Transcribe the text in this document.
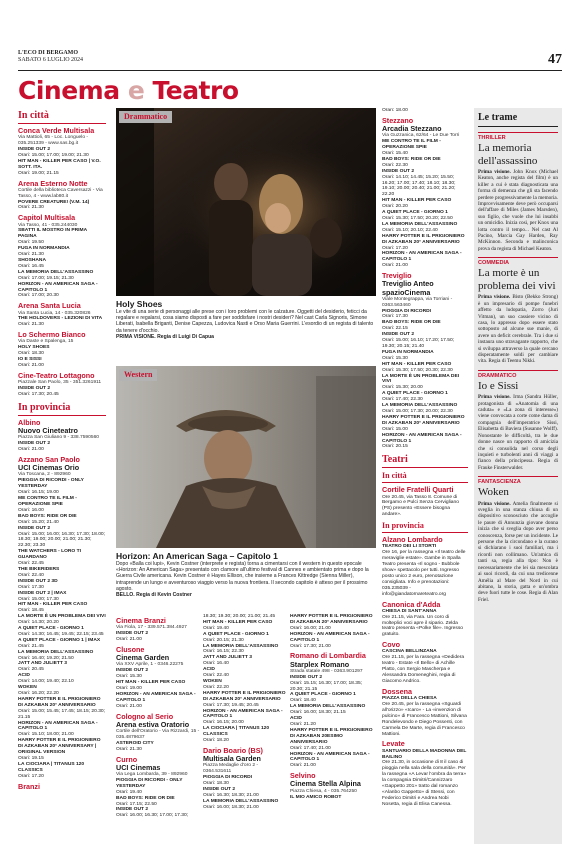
L'ECO DI BERGAMO
SABATO 6 LUGLIO 2024	47
Cinema e Teatro
In città
Conca Verde Multisala
Via Mattioli, 65 - Loc. Longuelo - 035.251339 - www.sas.bg.it
INSIDE OUT 2
Orari: 15.00; 17.00; 19.00; 21.30
HIT MAN - KILLER PER CASO | V.O. SOTT. ITA.
Orari: 19.00; 21.15
Arena Esterno Notte
Cortile della biblioteca Caversazzi - Via Tasso, 4 - www.lab80.it
POVERE CREATURE! (V.M. 14)
Orari: 21.30
Capitol Multisala
Via Tasso, 41 - 035.244030
SBATTI IL MOSTRO IN PRIMA PAGINA
Orari: 19.50
FUGA IN NORMANDIA
Orari: 21.30
SHOSHANA
Orari: 16.45
LA MEMORIA DELL'ASSASSINO
Orari: 17.00; 19.15; 21.30
HORIZON - AN AMERICAN SAGA - CAPITOLO 1
Orari: 17.00; 20.30
Arena Santa Lucia
Via Santa Lucia, 14 - 035.320826
THE HOLDOVERS - LEZIONI DI VITA
Orari: 21.30
Lo Schermo Bianco
Via Daste e Spalenga, 15
HOLY SHOES
Orari: 18.30
IO E SISSI
Orari: 21.00
Cine-Teatro Lottagono
Piazzale San Paolo, 35 - 351.3261911
INSIDE OUT 2
Orari: 17.30; 20.45
In provincia
Albino
Nuovo Cineteatro
Piazza San Giuliano 9 - 338.7590560
INSIDE OUT 2
Orari: 21.00
Azzano San Paolo
UCI Cinemas Orio
Via Toscana, 2 - 892960
PIEGGIA DI RICORDI - ONLY YESTERDAY
Orari: 16.15; 19.00
ME CONTRO TE IL FILM - OPERAZIONE SPIE
Orari: 16.00
BAD BOYS: RIDE OR DIE
Orari: 15.20; 21.40
INSIDE OUT 2
Orari: 15.00; 16.00; 16.30; 17.30; 18.00; 18.30; 19.00; 20.00; 21.00; 21.30; 22.30; 23.30
THE WATCHERS - LORO TI GUARDANO
Orari: 22.45
THE BIKERIDERS
Orari: 22.40
INSIDE OUT 2 3D
Orari: 17.30
INSIDE OUT 2 | IMAX
Orari: 15.00; 17.30
HIT MAN - KILLER PER CASO
Orari: 18.45
LA MORTE È UN PROBLEMA DEI VIVI
Orari: 14.30; 20.20
A QUIET PLACE - GIORNO 1
Orari: 14.30; 16.45; 19.45; 22.15; 23.45
A QUIET PLACE - GIORNO 1 | IMAX
Orari: 21.45
LA MEMORIA DELL'ASSASSINO
Orari: 16.40; 19.20; 21.50
JATT AND JULIETT 3
Orari: 20.45
ACID
Orari: 14.00; 19.40; 22.10
WOKEN
Orari: 16.20; 22.20
HARRY POTTER E IL PRIGIONIERO DI AZKABAN 20° ANNIVERSARIO
Orari: 15.00; 15.45; 17.45; 18.15; 20.30; 21.15
HORIZON - AN AMERICAN SAGA - CAPITOLO 1
Orari: 15.10; 18.00; 21.00
HARRY POTTER E IL PRIGIONIERO DI AZKABAN 20° ANNIVERSARY | ORIGINAL VERSION
Orari: 19.15
LA CIOCIARA | TITANUS 120 CLASSICS
Orari: 17.20
Branzi
Drammatico
Holy Shoes
Le vite di una serie di personaggi alle prese con i loro problemi con le calzature. Oggetti del desiderio, feticci da regalare e regalarsi, cosa siamo disposti a fare per soddisfare i nostri desideri? Nel cast Carla Signoris, Simone Liberati, Isabella Briganti, Denise Capezza, Ludovica Nasti e Orso Maria Guerrini. L'esordio di un regista di talento da tenere d'occhio.
PRIMA VISIONE. Regia di Luigi Di Capua
Western
Horizon: An American Saga – Capitolo 1
Dopo «Balla coi lupi», Kevin Costner (interprete e regista) torna a cimentarsi con il western in questo epocale «Horizon: An American Saga» presentato con clamore all'ultimo festival di Cannes e ambientato prima e dopo la Guerra Civile americana. Kevin Costner è Hayes Ellison, che insieme a Frances Kittredge (Sienna Miller), intraprende un lungo e avventuroso viaggio verso la nuova frontiera. Il secondo capitolo è atteso per il prossimo agosto.
BELLO. Regia di Kevin Costner
Cinema Branzi
Via Fiola, 17 - 339.571.384.4927
INSIDE OUT 2
Orari: 21.00
Clusone
Cinema Garden
Via XXV Aprile, 1 - 0346.22275
INSIDE OUT 2
Orari: 15.30
HIT MAN - KILLER PER CASO
Orari: 19.00
HORIZON - AN AMERICAN SAGA - CAPITOLO 1
Orari: 21.00
Cologno al Serio
Arena estiva Oratorio
Cortile dell'Oratorio - Via Rizzardi, 15 - 035.4879637
ASTEROID CITY
Orari: 21.30
Curno
UCI Cinemas
Via Lega Lombarda, 39 - 892960
PIOGGIA DI RICORDI - ONLY YESTERDAY
Orari: 19.40
BAD BOYS: RIDE OR DIE
Orari: 17.15; 22.50
INSIDE OUT 2
Orari: 16.00; 16.30; 17.00; 17.30;
18.30; 19.30; 20.00; 21.00; 21.45
HIT MAN - KILLER PER CASO
Orari: 19.40
A QUIET PLACE - GIORNO 1
Orari: 20.15; 21.30
LA MEMORIA DELL'ASSASSINO
Orari: 16.15; 22.30
JATT AND JULIETT 3
Orari: 16.40
ACID
Orari: 22.40
WOKEN
Orari: 22.20
HARRY POTTER E IL PRIGIONIERO DI AZKABAN 20° ANNIVERSARIO
Orari: 17.30; 19.45; 20.45
HORIZON - AN AMERICAN SAGA - CAPITOLO 1
Orari: 16.15; 20.00
LA CIOCIARA | TITANUS 120 CLASSICS
Orari: 18.20
Dario Boario (BS)
Multisala Garden
Piazza Medaglie d'oro 2 - 0364.531611
PIOGGIA DI RICORDI
Orari: 18.30
INSIDE OUT 2
Orari: 16.30; 18.30; 21.00
LA MEMORIA DELL'ASSASSINO
Orari: 16.00; 18.30; 21.00
HARRY POTTER E IL PRIGIONIERO DI AZKABAN 20° ANNIVERSARIO
Orari: 16.00; 21.00
HORIZON - AN AMERICAN SAGA - CAPITOLO 1
Orari: 17.30; 21.00
Romano di Lombardia
Starplex Romano
Strada statale 498 - 0363.901297
INSIDE OUT 2
Orari: 15.15; 16.30; 17.00; 18.35; 20.30; 21.15
A QUIET PLACE - GIORNO 1
Orari: 18.40
LA MEMORIA DELL'ASSASSINO
Orari: 16.00; 18.30; 21.15
ACID
Orari: 21.20
HARRY POTTER E IL PRIGIONIERO DI AZKABAN 20ESIMO ANNIVERSARIO
Orari: 17.40; 21.00
HORIZON - AN AMERICAN SAGA - CAPITOLO 1
Orari: 21.00
Selvino
Cinema Stella Alpina
Piazza Chiesa, 4 - 035.764250
IL MIO AMICO ROBOT
Orari: 18.00
Stezzano
Arcadia Stezzano
Via Guzzanica, 62/64 - Le Due Torri
ME CONTRO TE IL FILM - OPERAZIONE SPIE
Orari: 15.40
BAD BOYS: RIDE OR DIE
Orari: 22.30
INSIDE OUT 2
Orari: 14.10; 14.45; 15.20; 15.50; 16.20; 17.00; 17.40; 18.10; 18.30; 19.10; 20.00; 20.40; 21.00; 21.20; 22.20
HIT MAN - KILLER PER CASO
Orari: 20.20
A QUIET PLACE - GIORNO 1
Orari: 15.30; 17.50; 20.20; 22.50
LA MEMORIA DELL'ASSASSINO
Orari: 15.10; 20.10; 22.40
HARRY POTTER E IL PRIGIONIERO DI AZKABAN 20° ANNIVERSARIO
Orari: 17.20
HORIZON - AN AMERICAN SAGA - CAPITOLO 1
Orari: 21.00
Treviglio
Treviglio Anteo spazioCinema
Viale Montegrappa, via Torriani - 0363.563460
PIOGGIA DI RICORDI
Orari: 17.30
BAD BOYS: RIDE OR DIE
Orari: 22.15
INSIDE OUT 2
Orari: 15.00; 16.10; 17.20; 17.50; 19.30; 20.15; 21.40
FUGA IN NORMANDIA
Orari: 15.30
HIT MAN - KILLER PER CASO
Orari: 15.30; 17.50; 20.30; 22.30
LA MORTE È UN PROBLEMA DEI VIVI
Orari: 15.30; 20.00
A QUIET PLACE - GIORNO 1
Orari: 17.40; 22.30
LA MEMORIA DELL'ASSASSINO
Orari: 15.00; 17.30; 20.00; 22.30
HARRY POTTER E IL PRIGIONIERO DI AZKABAN 20° ANNIVERSARIO
Orari: 15.00
HORIZON - AN AMERICAN SAGA - CAPITOLO 1
Orari: 20.15
Teatri
In città
Cortile Fratelli Quarti
Ore 20.45, via Tasso 8. Comune di Bergamo e Pulci Senza Cervigliano (PS) presento «Essere bisogna andare».
In provincia
Alzano Lombardo
TEATRO DEI LI STORTI
Ore 16, per la rassegna «Il teatro delle meraviglie estate». Gambe in Spalla Teatro presenta «Il sogno - Bubbole show» spettacolo per tutti. Ingresso posto unico 2 euro, prenotazione consigliata. Info e prenotazioni: 035.235039 - info@giandatornareteatro.org
Canonica d'Adda
CHIESA DI SANT'ANNA
Ore 21.15, via Fara. Un coro di molteplici voci apre il sipario. Zelda teatro presenta «Polke file». Ingresso gratuito.
Covo
CASCINA BELLINZANA
Ore 21.15, per la rassegna «Dedidera teatro - Estate «Il Bello» di Achille Platto, con Sergio Mascherpa e Alessandra Domeneghini, regia di Giacomo Andrico.
Dossena
PIAZZA DELLA CHIESA
Ore 20.45, per la rassegna «Sguardi all'orizzo» «Icaro» - La «invenzion di pulcino» di Francesco Mattioni, Silvana Rondelevondo e Diego Possenti, con Carmela De Marte, regia di Francesco Mattioni.
Levate
SANTUARIO DELLA MADONNA DEL BAILINO
Ore 21.30, in occasione di 8 il caso di pioggia nella sala della comunità». Per la rassegna «A Levar l'ombra da terra» la compagnia Dimitri/Cannizzaro «Gappetto 201» tratto dal romanzo «Alanbo Gappetto» di Stessi, con Federico Dimitri e Andrea Nobi Nosetta, regia di Elisa Canessa.
Le trame
THRILLER
La memoria dell'assassino
Prima visione. John Knox (Michael Keaton, anche regista del film) è un killer a cui è stata diagnosticata una forma di demenza che gli sta facendo perdere progressivamente la memoria. Improvvisamente deve però occuparsi dell'affare di Miles (James Marsden), suo figlio, che vuole che lui insabbi un omicidio. Inizia così, per Knox una lotta contro il tempo... Nel cast Al Pacino, Marcia Gay Harden, Ray McKinnon. Seconda e malinconica prova da regista di Michael Keaton.
COMMEDIA
La morte è un problema dei vivi
Prima visione. Bisto (Bekko Strong) è un impresario di pompe funebri affetto da ludopatia, Zorro (Juri Vitman), un suo cassiere vicino di casa, lo appresso dopo essere stato sottoposto ad alcune sue manie, di avere un deficit cerebrale. Tra i due si instaura uno stravagante rapporto, che si sviluppa attraverso la quale cercano disperatamente soldi per cambiare vita. Regia di Teemu Nikki.
DRAMMATICO
Io e Sissi
Prima visione. Irma (Sandra Hüller, protagonista di «Anatomia di una caduta» e «La zona di interesse») viene convocata a corte come dama di compagnia dell'imperatrice Sissi, Elisabetta di Baviera (Susanne Wolff). Nonostante le difficoltà, tra le due donne nasce un rapporto di amicizia che si consolida nel corso degli inquieti e turbolenti anni di viaggi a fianco della principessa. Regia di Frauke Finsterwalder.
FANTASCIENZA
Woken
Prima visione. Amelia finalmente si sveglia in una stanza chiusa di un dispositivo sconosciuto che accoglie le paure di Annunzia giovane donna inizia che si sveglia dopo aver perso conoscenza, forse per un incidente. Le persone che la circondano e la curano si dichiarano i suoi familiari, ma i ricordi non collimano. Un'amica di tanti sa, regia alla tipo: Non è necessariamente che lei sia mescolata ai suoi ricordi, da cui una tredicenne Amélia al Mare del Nord in cui abitano, la storia, gatta e un'ombra deve fuori tutte le cose. Regia di Alan Friel.
